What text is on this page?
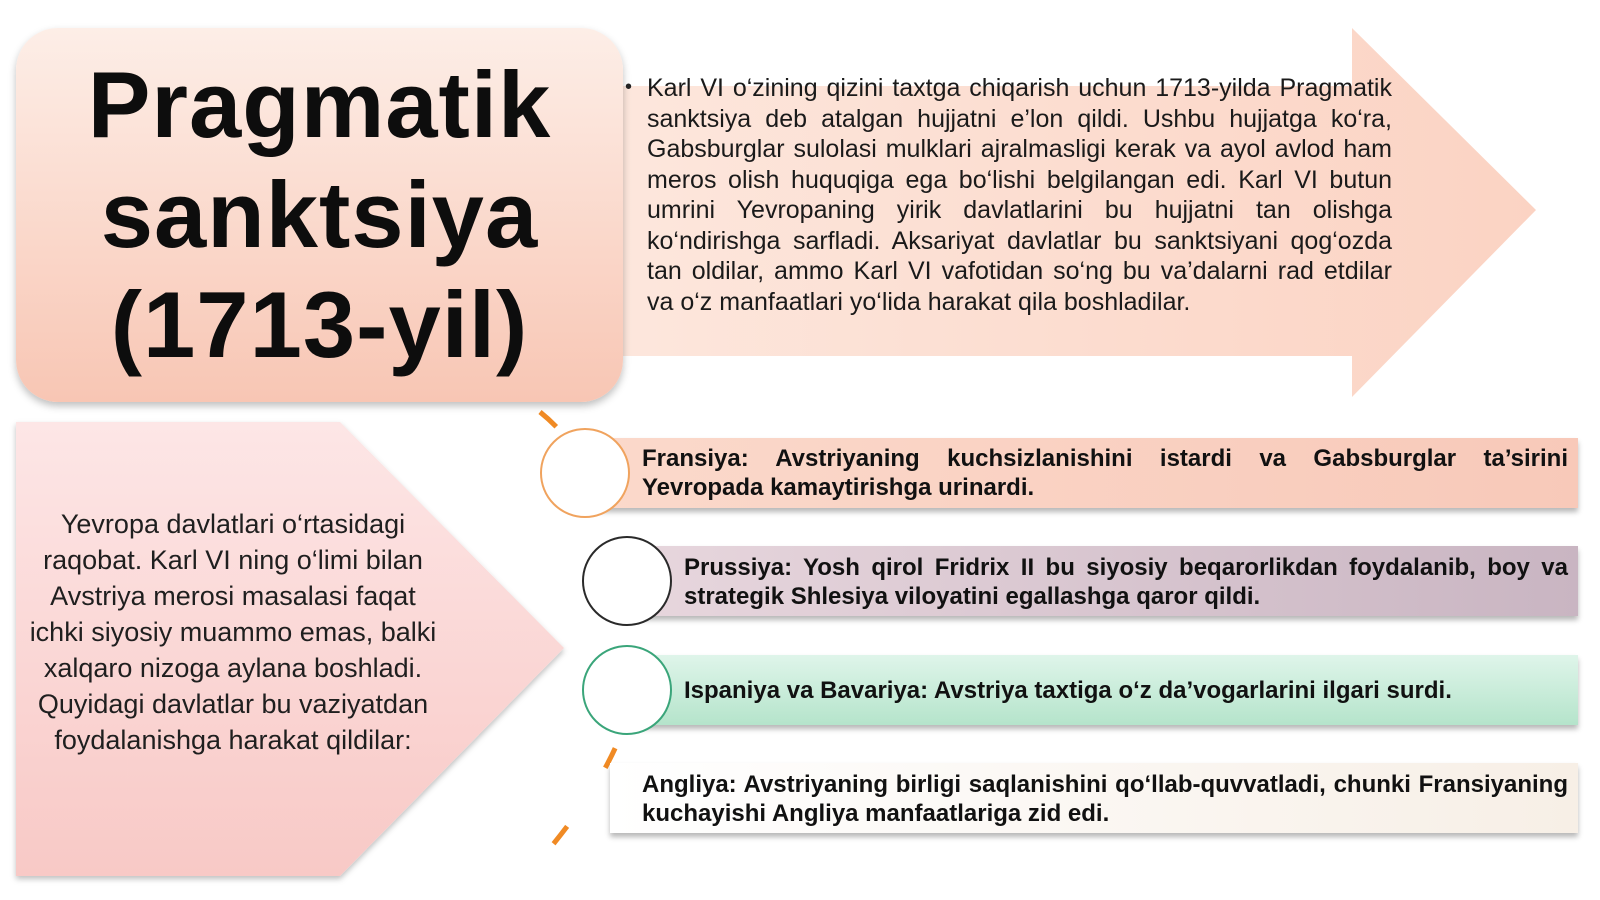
Pragmatik
sanktsiya
(1713-yil)
• Karl VI o‘zining qizini taxtga chiqarish uchun 1713-yilda Pragmatik sanktsiya deb atalgan hujjatni e’lon qildi. Ushbu hujjatga ko‘ra, Gabsburglar sulolasi mulklari ajralmasligi kerak va ayol avlod ham meros olish huquqiga ega bo‘lishi belgilangan edi. Karl VI butun umrini Yevropaning yirik davlatlarini bu hujjatni tan olishga ko‘ndirishga sarfladi. Aksariyat davlatlar bu sanktsiyani qog‘ozda tan oldilar, ammo Karl VI vafotidan so‘ng bu va’dalarni rad etdilar va o‘z manfaatlari yo‘lida harakat qila boshladilar.
Yevropa davlatlari o‘rtasidagi raqobat. Karl VI ning o‘limi bilan Avstriya merosi masalasi faqat ichki siyosiy muammo emas, balki xalqaro nizoga aylana boshladi. Quyidagi davlatlar bu vaziyatdan foydalanishga harakat qildilar:
Fransiya: Avstriyaning kuchsizlanishini istardi va Gabsburglar ta’sirini Yevropada kamaytirishga urinardi.
Prussiya: Yosh qirol Fridrix II bu siyosiy beqarorlikdan foydalanib, boy va strategik Shlesiya viloyatini egallashga qaror qildi.
Ispaniya va Bavariya: Avstriya taxtiga o‘z da’vogarlarini ilgari surdi.
Angliya: Avstriyaning birligi saqlanishini qo‘llab-quvvatladi, chunki Fransiyaning kuchayishi Angliya manfaatlariga zid edi.
